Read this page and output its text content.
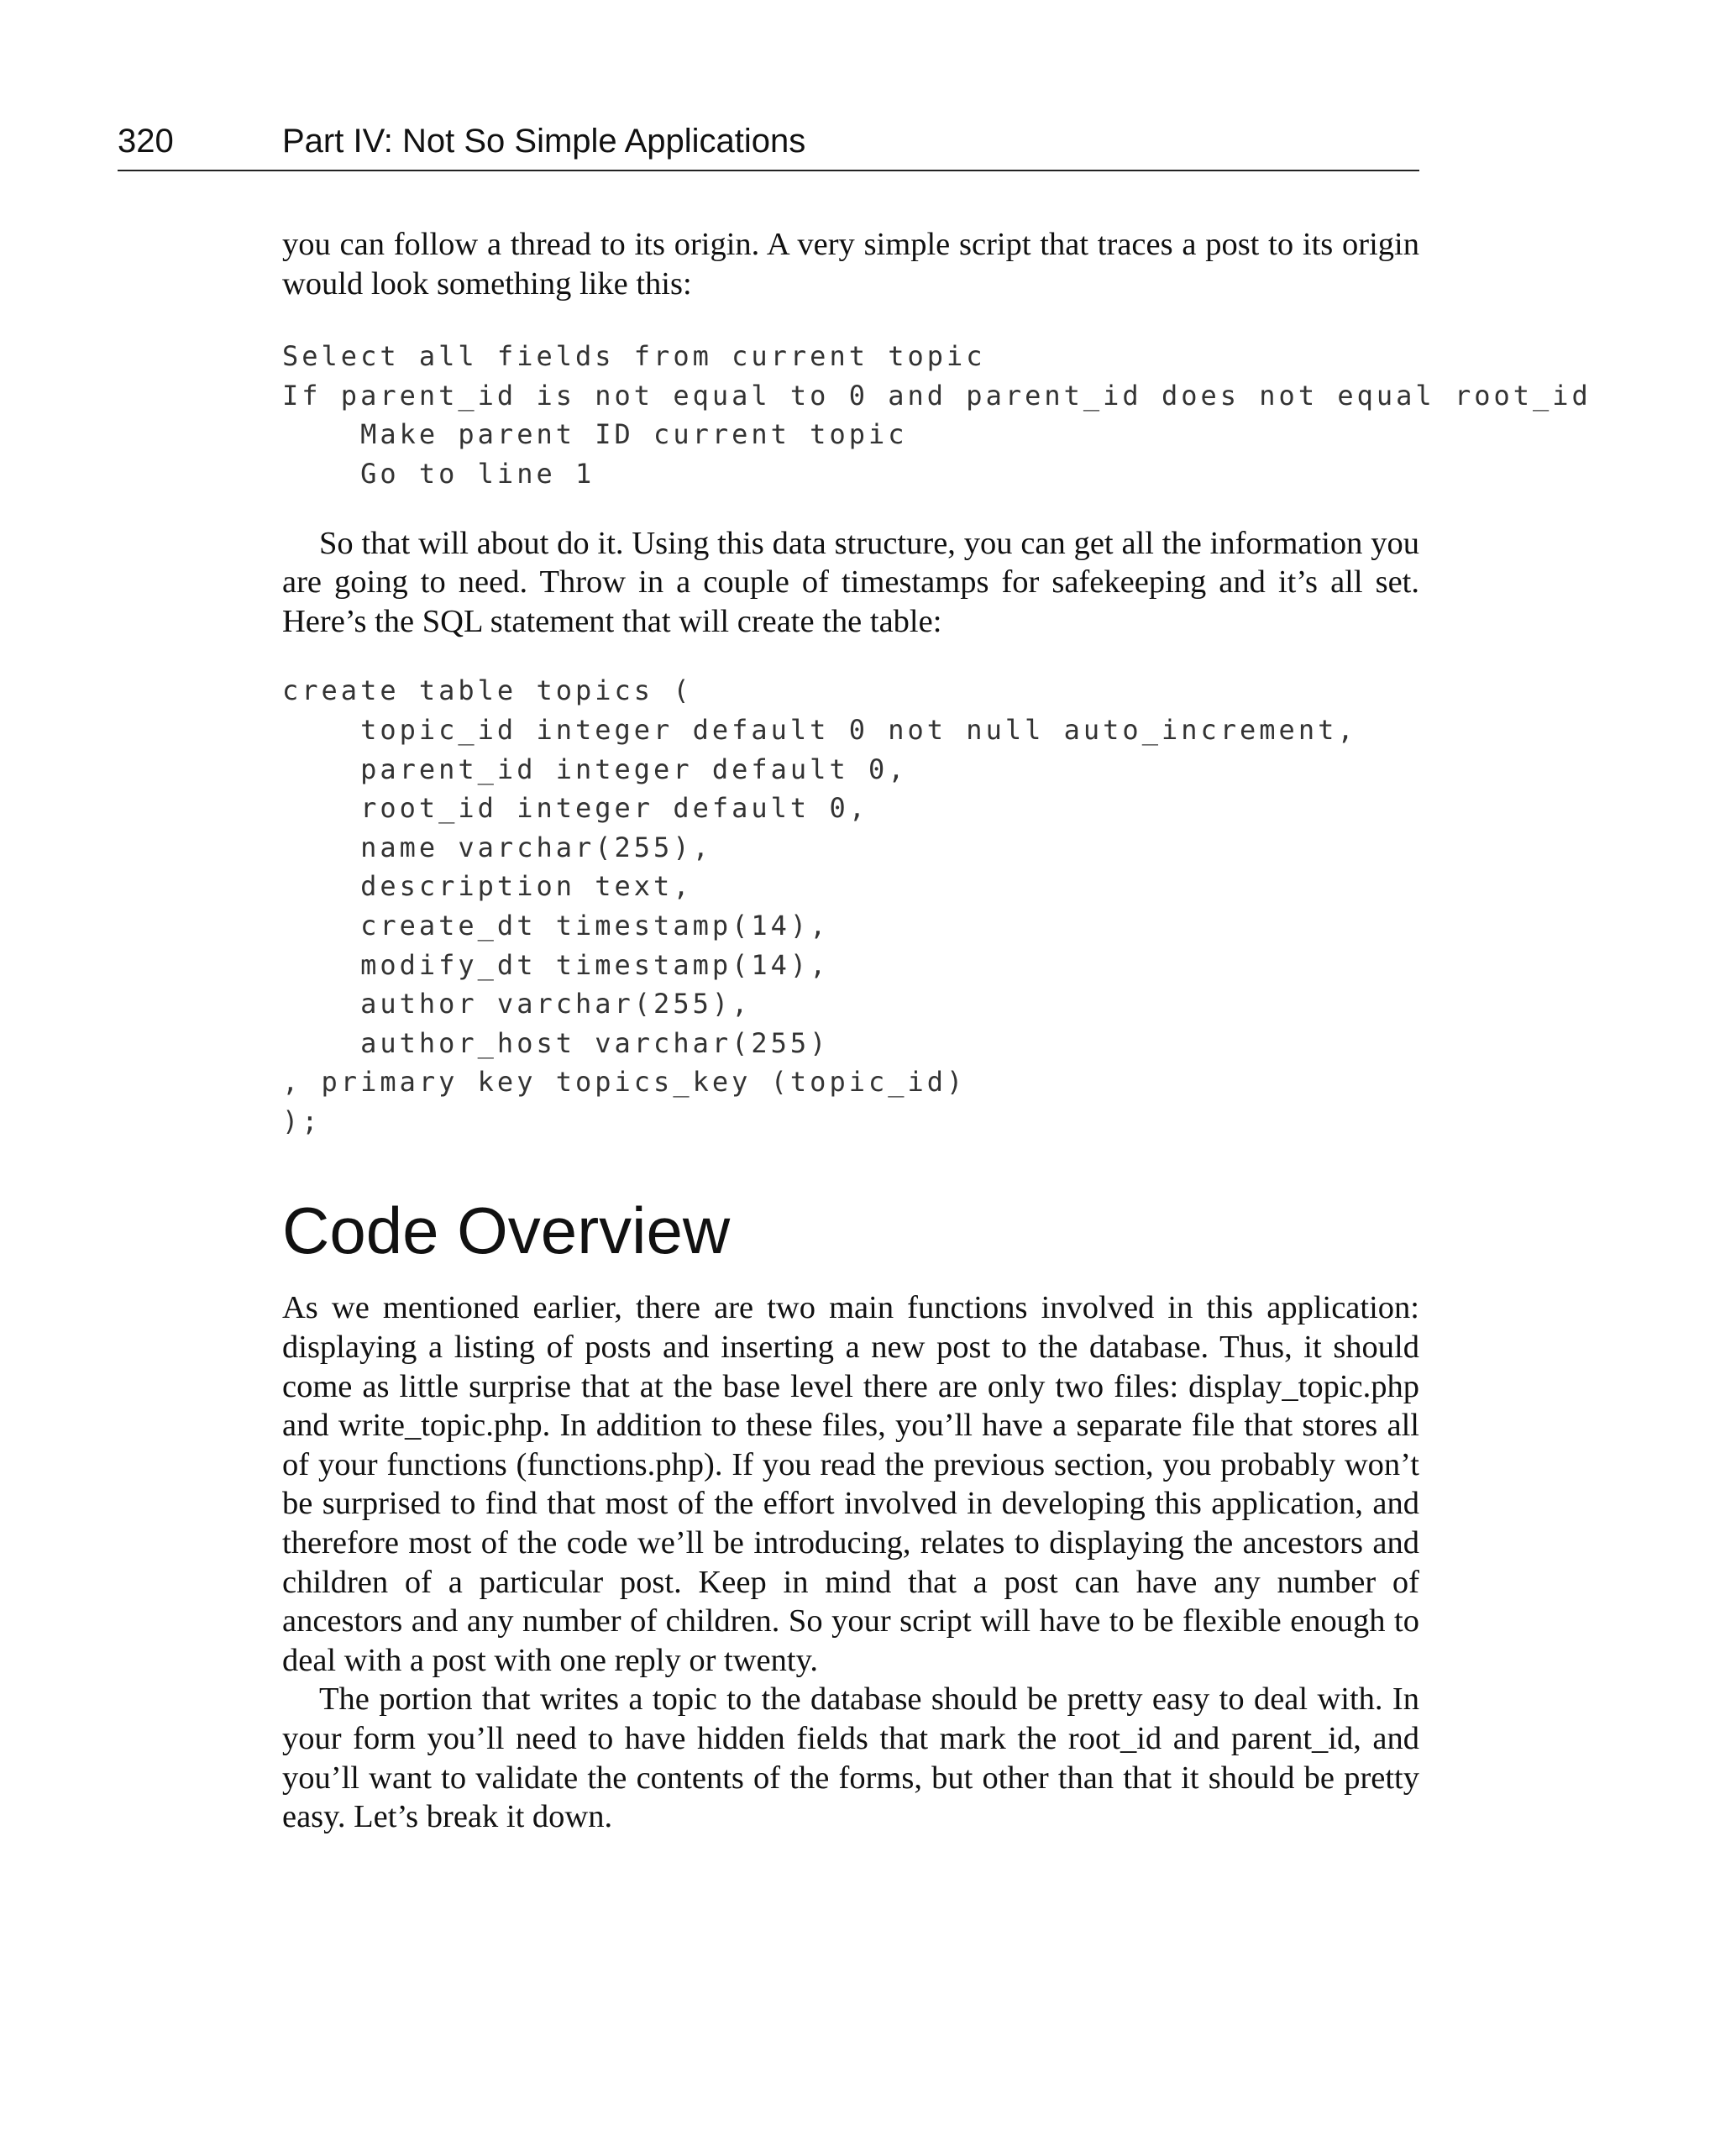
320	Part IV: Not So Simple Applications

you can follow a thread to its origin. A very simple script that traces a post to its origin would look something like this:

Select all fields from current topic
If parent_id is not equal to 0 and parent_id does not equal root_id
Make parent ID current topic
Go to line 1

So that will about do it. Using this data structure, you can get all the information you are going to need. Throw in a couple of timestamps for safekeeping and it’s all set. Here’s the SQL statement that will create the table:

create table topics (
topic_id integer default 0 not null auto_increment,
parent_id integer default 0,
root_id integer default 0,
name varchar(255),
description text,
create_dt timestamp(14),
modify_dt timestamp(14),
author varchar(255),
author_host varchar(255)
, primary key topics_key (topic_id)
);
Code Overview

As we mentioned earlier, there are two main functions involved in this application: displaying a listing of posts and inserting a new post to the database. Thus, it should come as little surprise that at the base level there are only two files: display_topic.php and write_topic.php. In addition to these files, you’ll have a separate file that stores all of your functions (functions.php). If you read the previous section, you probably won’t be surprised to find that most of the effort involved in developing this application, and therefore most of the code we’ll be introducing, relates to displaying the ancestors and children of a particular post. Keep in mind that a post can have any number of ancestors and any number of children. So your script will have to be flexible enough to deal with a post with one reply or twenty.

The portion that writes a topic to the database should be pretty easy to deal with. In your form you’ll need to have hidden fields that mark the root_id and parent_id, and you’ll want to validate the contents of the forms, but other than that it should be pretty easy. Let’s break it down.
